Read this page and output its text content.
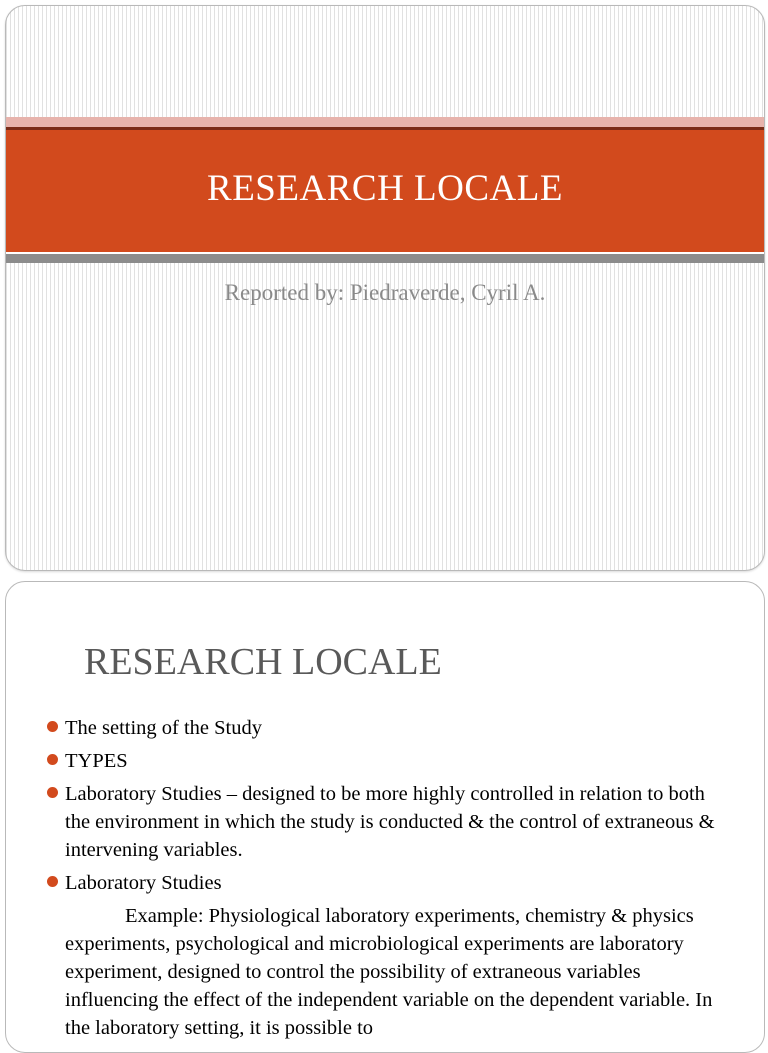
RESEARCH LOCALE
Reported by: Piedraverde, Cyril A.
RESEARCH LOCALE
The setting of the Study
TYPES
Laboratory Studies – designed to be more highly controlled in relation to both the environment in which the study is conducted & the control of extraneous & intervening variables.
Laboratory Studies

Example: Physiological laboratory experiments, chemistry & physics experiments, psychological and microbiological experiments are laboratory experiment, designed to control the possibility of extraneous variables influencing the effect of the independent variable on the dependent variable. In the laboratory setting, it is possible to
